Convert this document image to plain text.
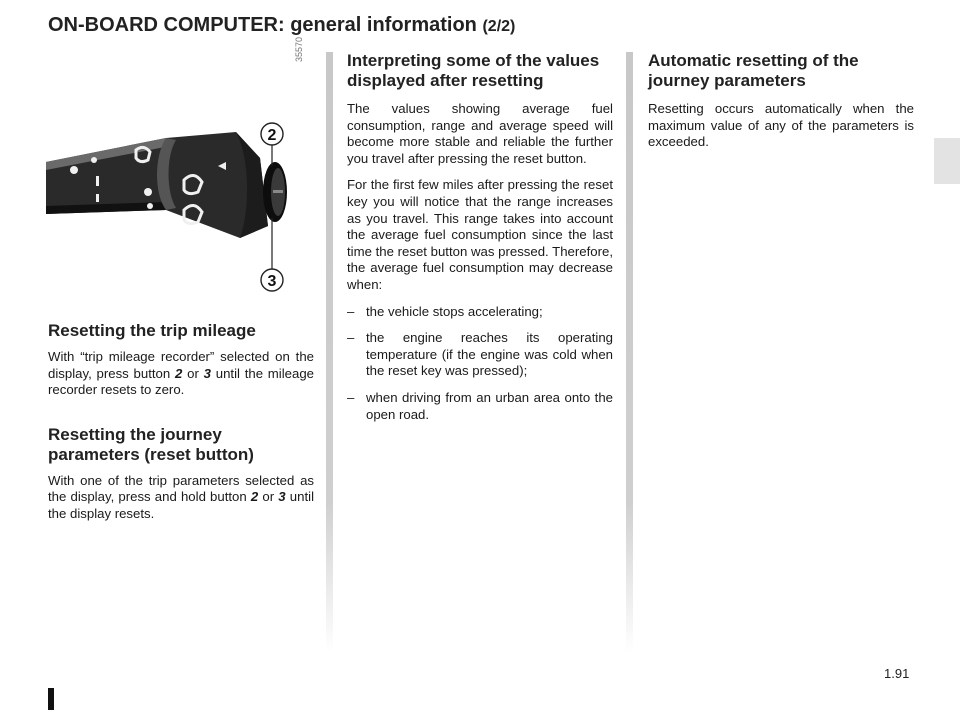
ON-BOARD COMPUTER: general information (2/2)
35570
2
3
Resetting the trip mileage

With “trip mileage recorder” selected on the display, press button 2 or 3 until the mileage recorder resets to zero.

Resetting the journey parameters (reset button)

With one of the trip parameters selected as the display, press and hold button 2 or 3 until the display resets.

Interpreting some of the values displayed after resetting

The values showing average fuel consumption, range and average speed will become more stable and reliable the further you travel after pressing the reset button.

For the first few miles after pressing the reset key you will notice that the range increases as you travel. This range takes into account the average fuel consumption since the last time the reset button was pressed. Therefore, the average fuel consumption may decrease when:

– the vehicle stops accelerating;
– the engine reaches its operating temperature (if the engine was cold when the reset key was pressed);
– when driving from an urban area onto the open road.
Automatic resetting of the journey parameters

Resetting occurs automatically when the maximum value of any of the parameters is exceeded.

1.91
